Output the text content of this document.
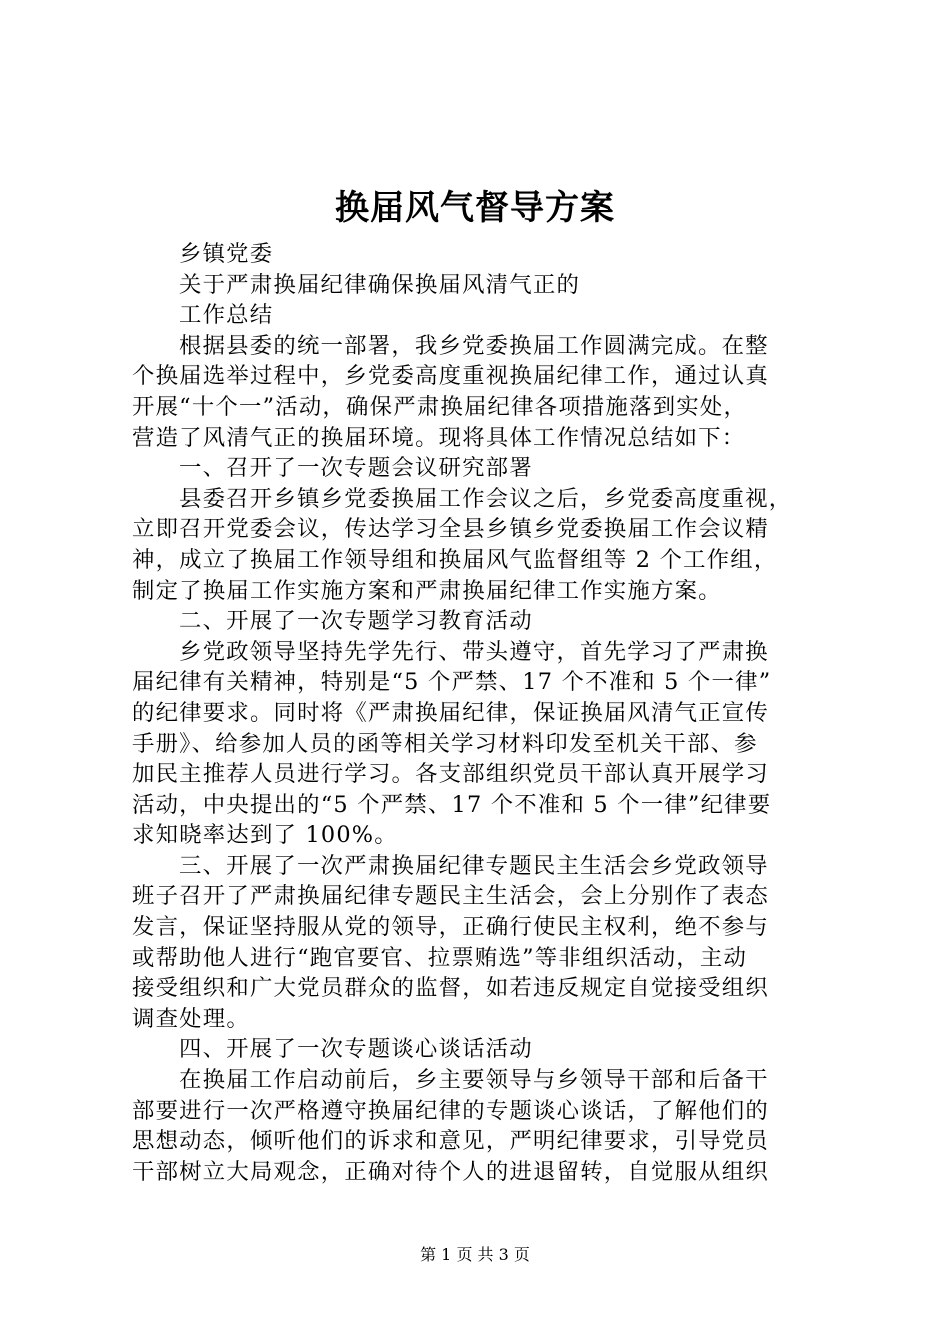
换届风气督导方案
乡镇党委
关于严肃换届纪律确保换届风清气正的
工作总结
根据县委的统一部署，我乡党委换届工作圆满完成。在整
个换届选举过程中，乡党委高度重视换届纪律工作，通过认真
开展“十个一”活动，确保严肃换届纪律各项措施落到实处，
营造了风清气正的换届环境。现将具体工作情况总结如下：
一、召开了一次专题会议研究部署
县委召开乡镇乡党委换届工作会议之后，乡党委高度重视，
立即召开党委会议，传达学习全县乡镇乡党委换届工作会议精
神，成立了换届工作领导组和换届风气监督组等 2 个工作组，
制定了换届工作实施方案和严肃换届纪律工作实施方案。
二、开展了一次专题学习教育活动
乡党政领导坚持先学先行、带头遵守，首先学习了严肃换
届纪律有关精神，特别是“5 个严禁、17 个不准和 5 个一律”
的纪律要求。同时将《严肃换届纪律，保证换届风清气正宣传
手册》、给参加人员的函等相关学习材料印发至机关干部、参
加民主推荐人员进行学习。各支部组织党员干部认真开展学习
活动，中央提出的“5 个严禁、17 个不准和 5 个一律”纪律要
求知晓率达到了 100%。
三、开展了一次严肃换届纪律专题民主生活会乡党政领导
班子召开了严肃换届纪律专题民主生活会，会上分别作了表态
发言，保证坚持服从党的领导，正确行使民主权利，绝不参与
或帮助他人进行“跑官要官、拉票贿选”等非组织活动，主动
接受组织和广大党员群众的监督，如若违反规定自觉接受组织
调查处理。
四、开展了一次专题谈心谈话活动
在换届工作启动前后，乡主要领导与乡领导干部和后备干
部要进行一次严格遵守换届纪律的专题谈心谈话，了解他们的
思想动态，倾听他们的诉求和意见，严明纪律要求，引导党员
干部树立大局观念，正确对待个人的进退留转，自觉服从组织
第 1 页 共 3 页
